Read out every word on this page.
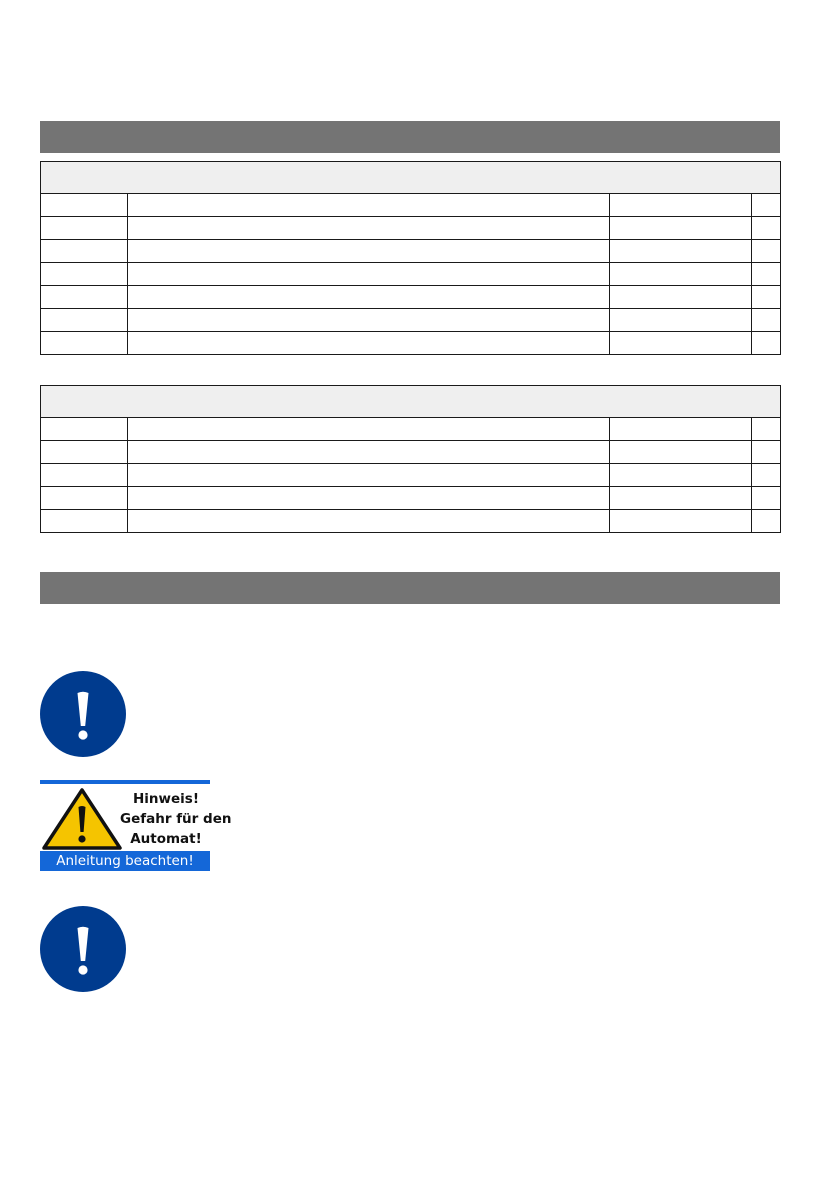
Hinweis!
Gefahr für den
Automat!
Anleitung beachten!
